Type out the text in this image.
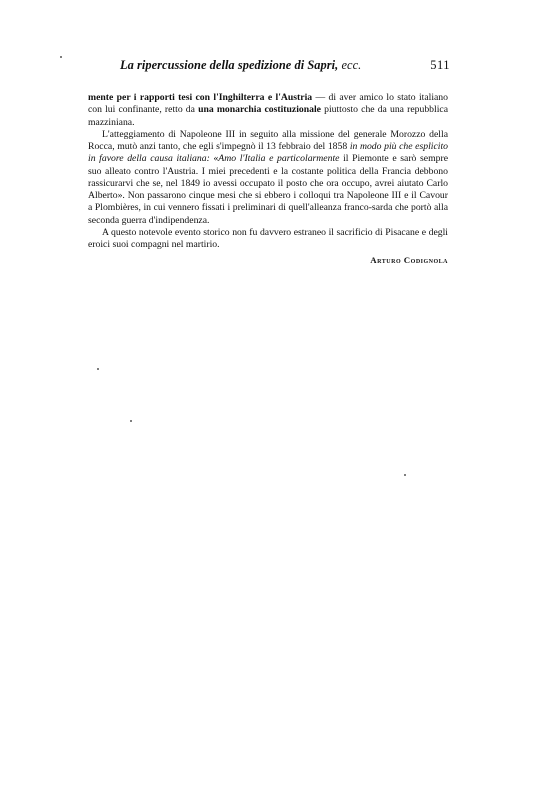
La ripercussione della spedizione di Sapri, ecc.	511

mente per i rapporti tesi con l'Inghilterra e l'Austria — di aver amico lo stato italiano con lui confinante, retto da una monarchia costituzionale piuttosto che da una repubblica mazziniana.

L'atteggiamento di Napoleone III in seguito alla missione del generale Morozzo della Rocca, mutò anzi tanto, che egli s'impegnò il 13 febbraio del 1858 in modo più che esplicito in favore della causa italiana: «Amo l'Italia e particolarmente il Piemonte e sarò sempre suo alleato contro l'Austria. I miei precedenti e la costante politica della Francia debbono rassicurarvi che se, nel 1849 io avessi occupato il posto che ora occupo, avrei aiutato Carlo Alberto». Non passarono cinque mesi che si ebbero i colloqui tra Napoleone III e il Cavour a Plombières, in cui vennero fissati i preliminari di quell'alleanza franco-sarda che portò alla seconda guerra d'indipendenza.

A questo notevole evento storico non fu davvero estraneo il sacrificio di Pisacane e degli eroici suoi compagni nel martirio.

Arturo Codignola
